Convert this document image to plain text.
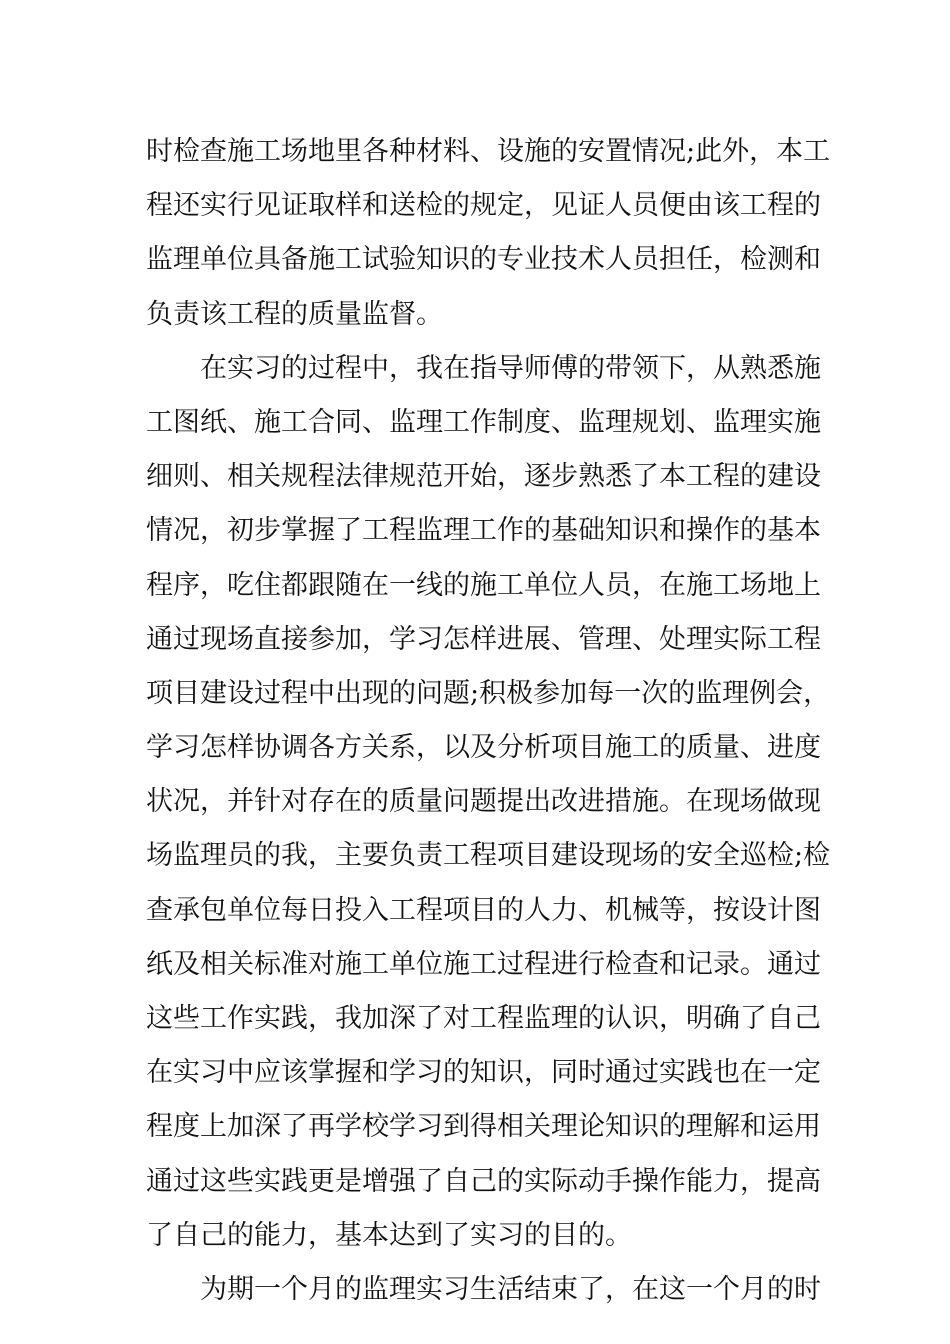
时检查施工场地里各种材料、设施的安置情况;此外，本工
程还实行见证取样和送检的规定，见证人员便由该工程的
监理单位具备施工试验知识的专业技术人员担任，检测和
负责该工程的质量监督。
在实习的过程中，我在指导师傅的带领下，从熟悉施
工图纸、施工合同、监理工作制度、监理规划、监理实施
细则、相关规程法律规范开始，逐步熟悉了本工程的建设
情况，初步掌握了工程监理工作的基础知识和操作的基本
程序，吃住都跟随在一线的施工单位人员，在施工场地上
通过现场直接参加，学习怎样进展、管理、处理实际工程
项目建设过程中出现的问题;积极参加每一次的监理例会，
学习怎样协调各方关系，以及分析项目施工的质量、进度
状况，并针对存在的质量问题提出改进措施。在现场做现
场监理员的我，主要负责工程项目建设现场的安全巡检;检
查承包单位每日投入工程项目的人力、机械等，按设计图
纸及相关标准对施工单位施工过程进行检查和记录。通过
这些工作实践，我加深了对工程监理的认识，明确了自己
在实习中应该掌握和学习的知识，同时通过实践也在一定
程度上加深了再学校学习到得相关理论知识的理解和运用
通过这些实践更是增强了自己的实际动手操作能力，提高
了自己的能力，基本达到了实习的目的。
为期一个月的监理实习生活结束了，在这一个月的时
